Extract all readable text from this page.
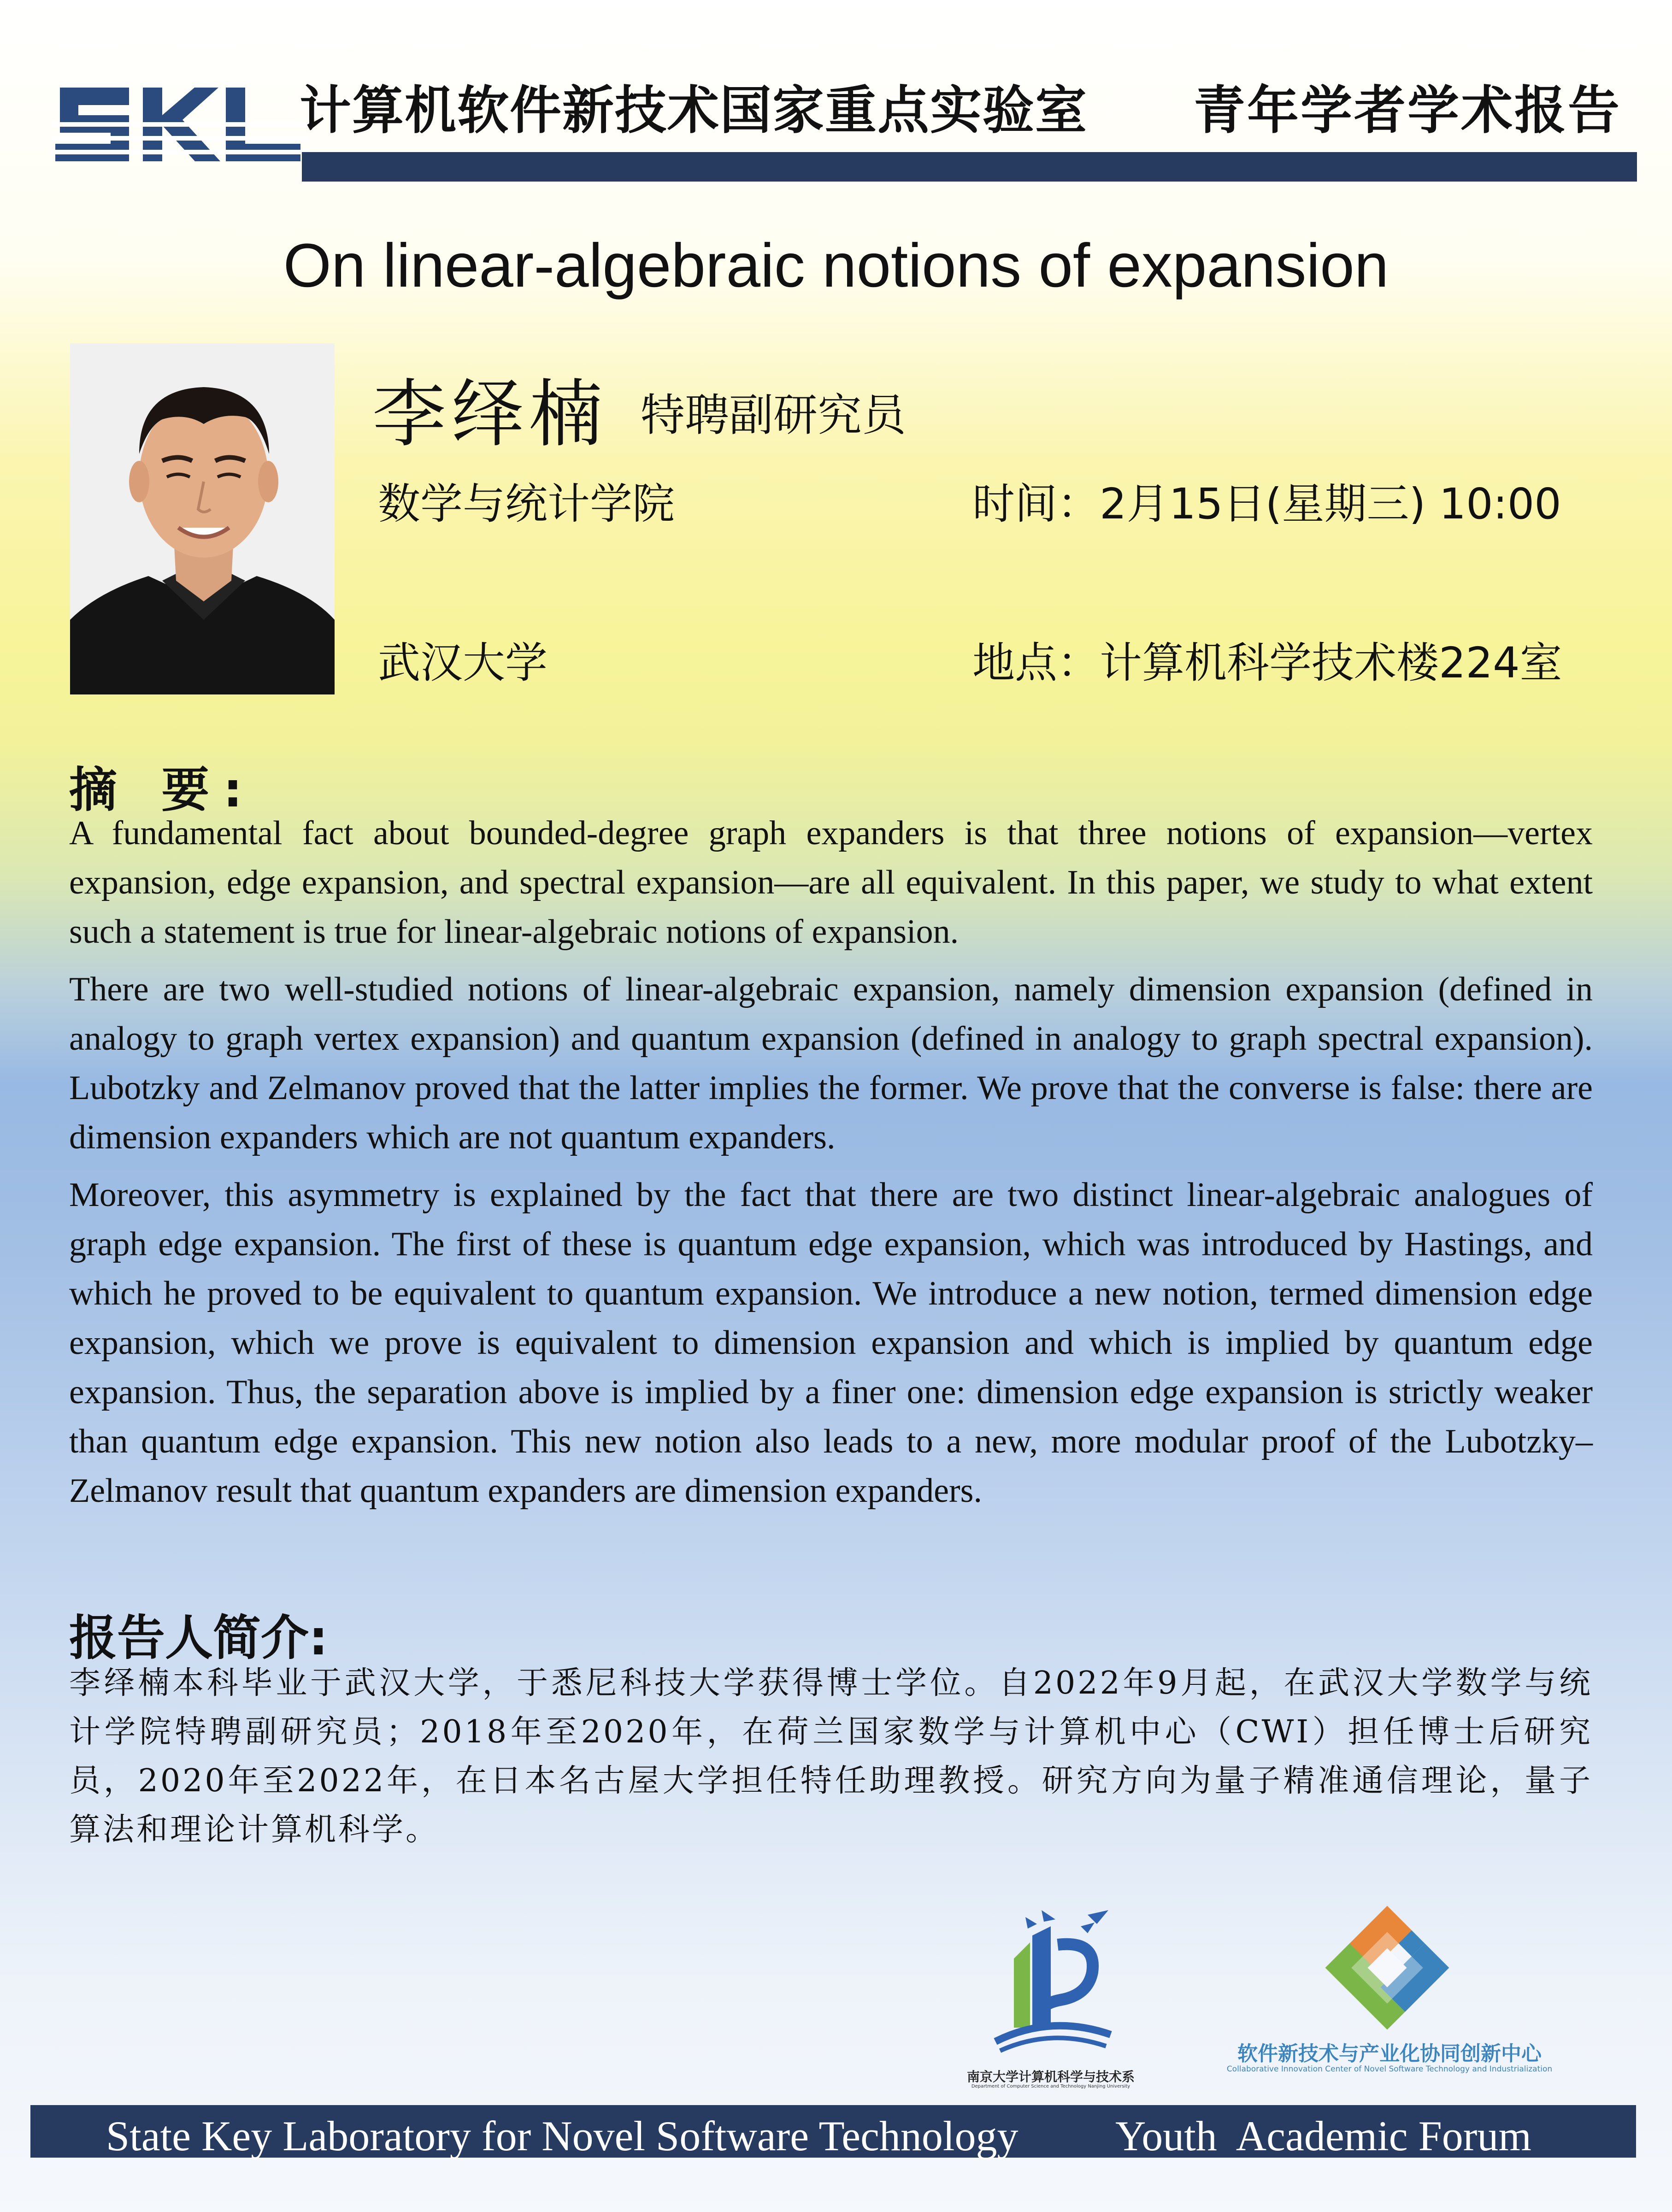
SKL
计算机软件新技术国家重点实验室 青年学者学术报告
On linear-algebraic notions of expansion
李绎楠 特聘副研究员
数学与统计学院	时间：2月15日(星期三) 10:00
武汉大学	地点：计算机科学技术楼224室
摘 要:

A fundamental fact about bounded-degree graph expanders is that three notions of expansion—vertex expansion, edge expansion, and spectral expansion—are all equivalent. In this paper, we study to what extent such a statement is true for linear-algebraic notions of expansion.

There are two well-studied notions of linear-algebraic expansion, namely dimension expansion (defined in analogy to graph vertex expansion) and quantum expansion (defined in analogy to graph spectral expansion). Lubotzky and Zelmanov proved that the latter implies the former. We prove that the converse is false: there are dimension expanders which are not quantum expanders.

Moreover, this asymmetry is explained by the fact that there are two distinct linear-algebraic analogues of graph edge expansion. The first of these is quantum edge expansion, which was introduced by Hastings, and which he proved to be equivalent to quantum expansion. We introduce a new notion, termed dimension edge expansion, which we prove is equivalent to dimension expansion and which is implied by quantum edge expansion. Thus, the separation above is implied by a finer one: dimension edge expansion is strictly weaker than quantum edge expansion. This new notion also leads to a new, more modular proof of the Lubotzky–Zelmanov result that quantum expanders are dimension expanders.

报告人简介:
李绎楠本科毕业于武汉大学，于悉尼科技大学获得博士学位。自2022年9月起，在武汉大学数学与统计学院特聘副研究员；2018年至2020年，在荷兰国家数学与计算机中心（CWI）担任博士后研究员，2020年至2022年，在日本名古屋大学担任特任助理教授。研究方向为量子精准通信理论，量子算法和理论计算机科学。
南京大学计算机科学与技术系
Department of Computer Science and Technology Nanjing University
软件新技术与产业化协同创新中心
Collaborative Innovation Center of Novel Software Technology and Industrialization
State Key Laboratory for Novel Software Technology Youth  Academic Forum
